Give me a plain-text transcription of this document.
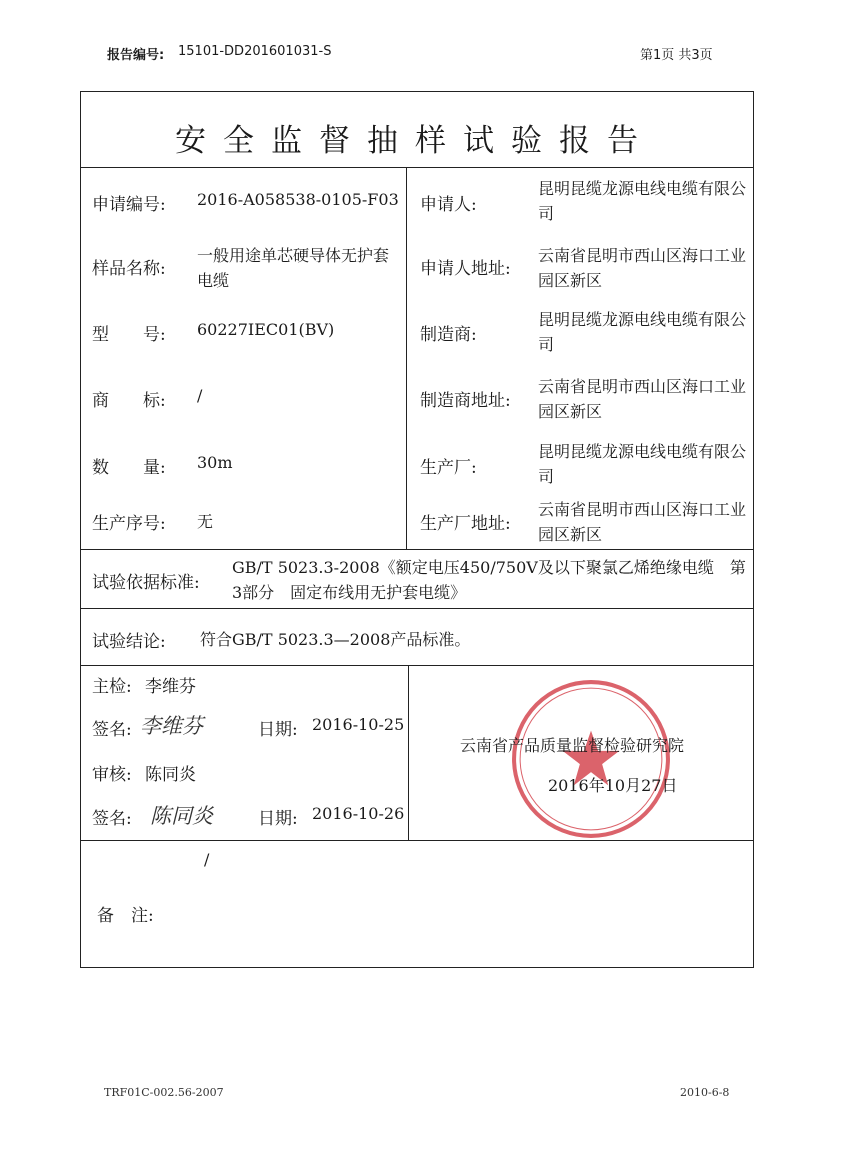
报告编号: 15101-DD201601031-S	第1页 共3页
安全监督抽样试验报告
申请编号: 2016-A058538-0105-F03
样品名称:
一般用途单芯硬导体无护套电缆
型　　号: 60227IEC01(BV)
商　　标: /
数　　量: 30m
生产序号: 无
申请人:
昆明昆缆龙源电线电缆有限公司
申请人地址:
云南省昆明市西山区海口工业园区新区
制造商:
昆明昆缆龙源电线电缆有限公司
制造商地址:
云南省昆明市西山区海口工业园区新区
生产厂:
昆明昆缆龙源电线电缆有限公司
生产厂地址:
云南省昆明市西山区海口工业园区新区
试验依据标准:
GB/T 5023.3-2008《额定电压450/750V及以下聚氯乙烯绝缘电缆　第3部分　固定布线用无护套电缆》
试验结论: 符合GB/T 5023.3—2008产品标准。
主检: 李维芬
签名: 李维芬	日期: 2016-10-25
审核: 陈同炎
签名: 陈同炎	日期: 2016-10-26
云南省产品质量监督检验研究院
2016年10月27日
/
备　注:
TRF01C-002.56-2007	2010-6-8
